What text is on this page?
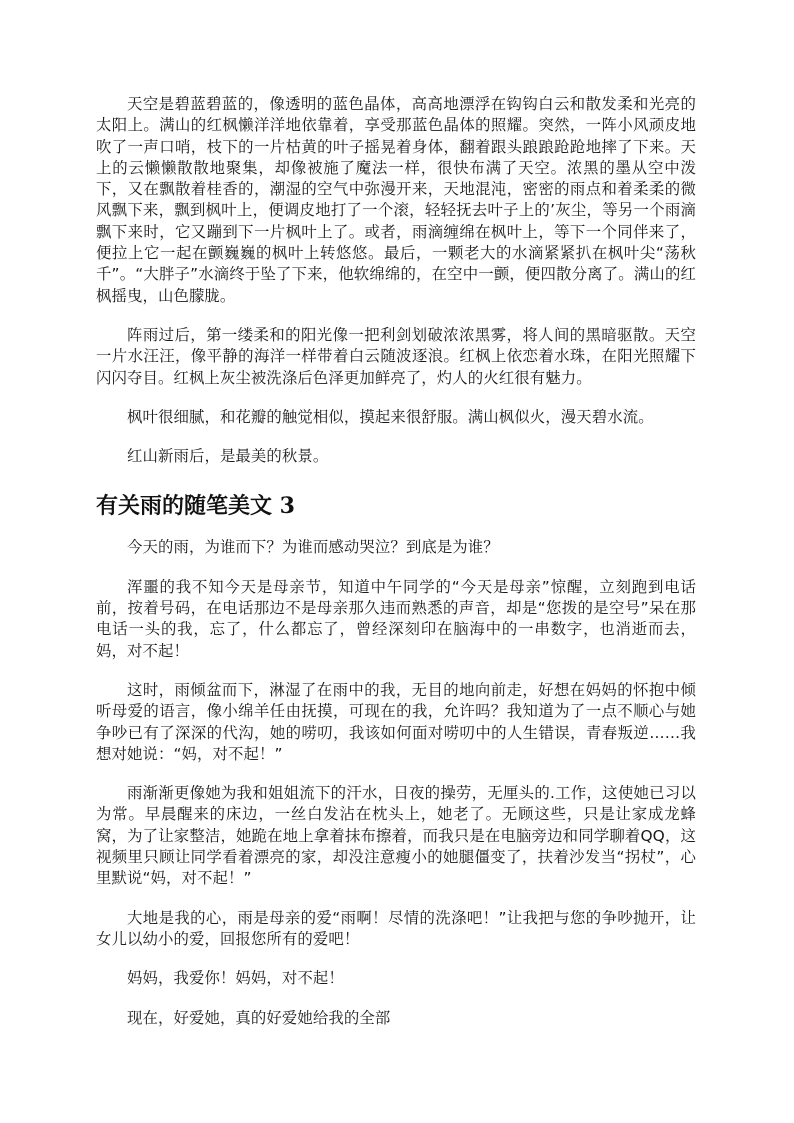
天空是碧蓝碧蓝的，像透明的蓝色晶体，高高地漂浮在钩钩白云和散发柔和光亮的太阳上。满山的红枫懒洋洋地依靠着，享受那蓝色晶体的照耀。突然，一阵小风顽皮地吹了一声口哨，枝下的一片枯黄的叶子摇晃着身体，翻着跟头踉踉跄跄地摔了下来。天上的云懒懒散散地聚集，却像被施了魔法一样，很快布满了天空。浓黑的墨从空中泼下，又在飘散着桂香的，潮湿的空气中弥漫开来，天地混沌，密密的雨点和着柔柔的微风飘下来，飘到枫叶上，便调皮地打了一个滚，轻轻抚去叶子上的’灰尘，等另一个雨滴飘下来时，它又蹦到下一片枫叶上了。或者，雨滴缠绵在枫叶上，等下一个同伴来了，便拉上它一起在颤巍巍的枫叶上转悠悠。最后，一颗老大的水滴紧紧扒在枫叶尖“荡秋千”。“大胖子”水滴终于坠了下来，他软绵绵的，在空中一颤，便四散分离了。满山的红枫摇曳，山色朦胧。

阵雨过后，第一缕柔和的阳光像一把利剑划破浓浓黑雾，将人间的黑暗驱散。天空一片水汪汪，像平静的海洋一样带着白云随波逐浪。红枫上依恋着水珠，在阳光照耀下闪闪夺目。红枫上灰尘被洗涤后色泽更加鲜亮了，灼人的火红很有魅力。

枫叶很细腻，和花瓣的触觉相似，摸起来很舒服。满山枫似火，漫天碧水流。

红山新雨后，是最美的秋景。

有关雨的随笔美文 3

今天的雨，为谁而下？为谁而感动哭泣？到底是为谁？

浑噩的我不知今天是母亲节，知道中午同学的“今天是母亲”惊醒，立刻跑到电话前，按着号码，在电话那边不是母亲那久违而熟悉的声音，却是“您拨的是空号”呆在那电话一头的我，忘了，什么都忘了，曾经深刻印在脑海中的一串数字，也消逝而去，妈，对不起！

这时，雨倾盆而下，淋湿了在雨中的我，无目的地向前走，好想在妈妈的怀抱中倾听母爱的语言，像小绵羊任由抚摸，可现在的我，允许吗？我知道为了一点不顺心与她争吵已有了深深的代沟，她的唠叨，我该如何面对唠叨中的人生错误，青春叛逆……我想对她说：“妈，对不起！”

雨渐渐更像她为我和姐姐流下的汗水，日夜的操劳，无厘头的.工作，这使她已习以为常。早晨醒来的床边，一丝白发沾在枕头上，她老了。无顾这些，只是让家成龙蜂窝，为了让家整洁，她跪在地上拿着抹布擦着，而我只是在电脑旁边和同学聊着QQ，这视频里只顾让同学看着漂亮的家，却没注意瘦小的她腿僵变了，扶着沙发当“拐杖”，心里默说“妈，对不起！”

大地是我的心，雨是母亲的爱“雨啊！尽情的洗涤吧！”让我把与您的争吵抛开，让女儿以幼小的爱，回报您所有的爱吧！

妈妈，我爱你！妈妈，对不起！

现在，好爱她，真的好爱她给我的全部
